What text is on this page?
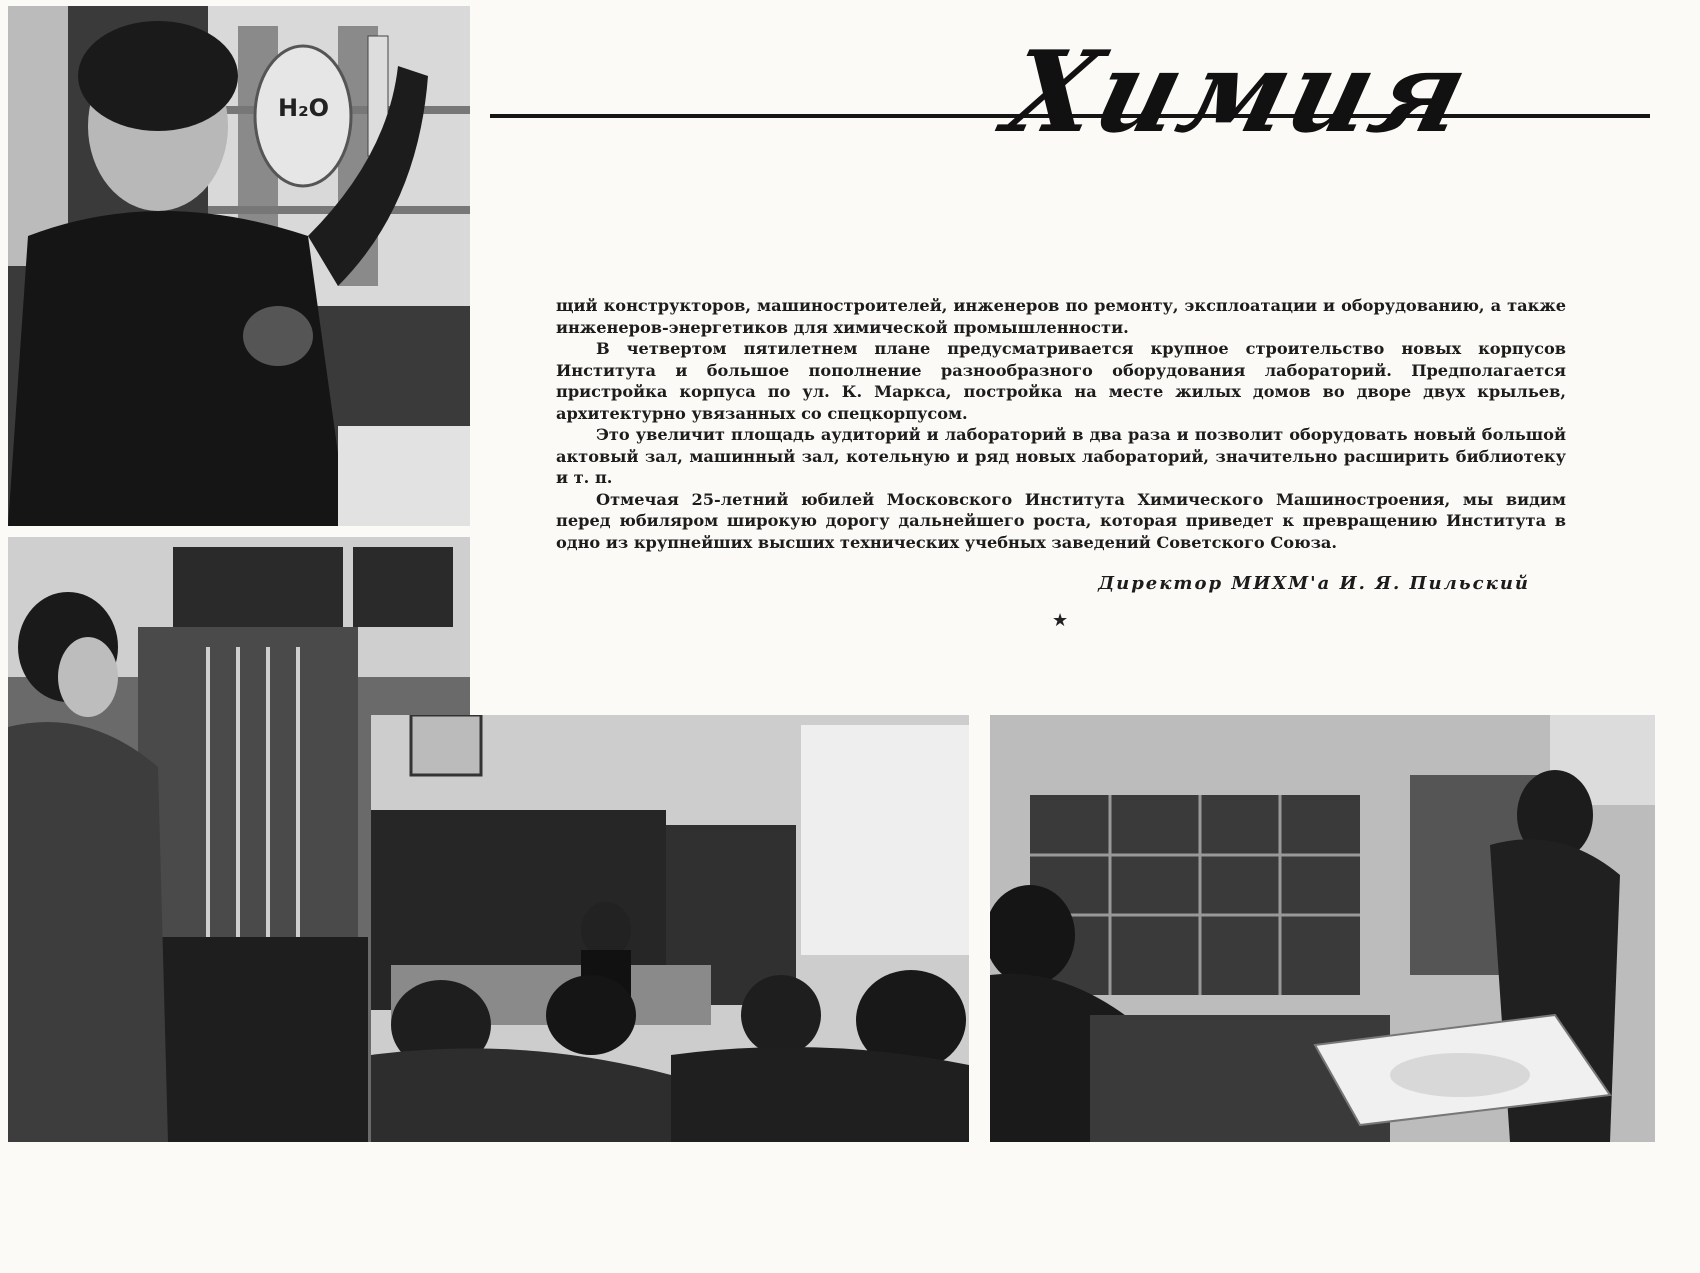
H₂O	Химия

щий конструкторов, машиностроителей, инженеров по ремонту, эксплоатации и оборудованию, а также инженеров-энергетиков для химической промышленности.

В четвертом пятилетнем плане предусматривается крупное строительство новых корпусов Института и большое пополнение разнообразного оборудования лабораторий. Предполагается пристройка корпуса по ул. К. Маркса, постройка на месте жилых домов во дворе двух крыльев, архитектурно увязанных со спецкорпусом.

Это увеличит площадь аудиторий и лабораторий в два раза и позволит оборудовать новый большой актовый зал, машинный зал, котельную и ряд новых лабораторий, значительно расширить библиотеку и т. п.

Отмечая 25-летний юбилей Московского Института Химического Машиностроения, мы видим перед юбиляром широкую дорогу дальнейшего роста, которая приведет к превращению Института в одно из крупнейших высших технических учебных заведений Советского Союза.

Директор МИХМ'а И. Я. Пильский
★
